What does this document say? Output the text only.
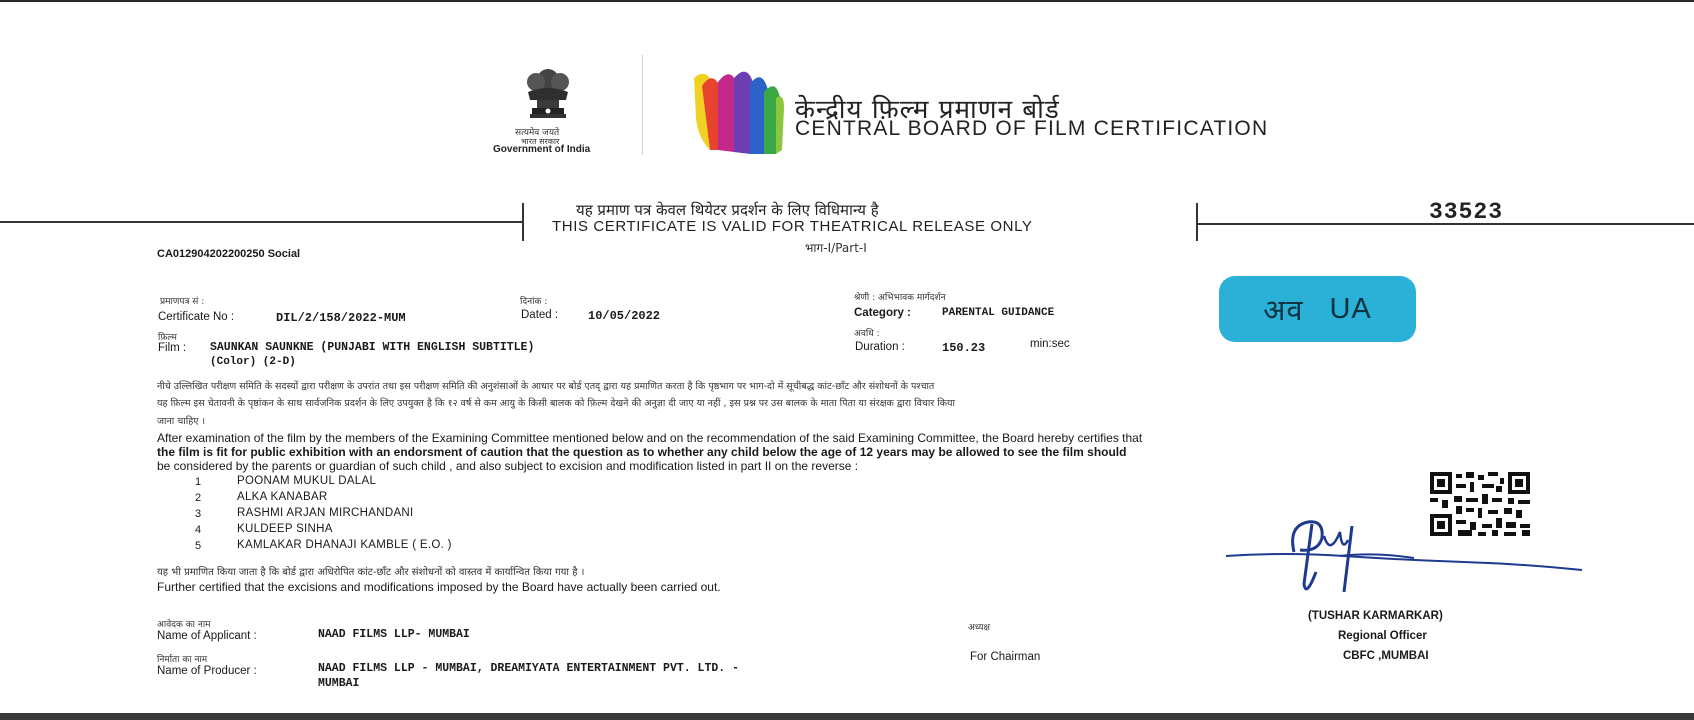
सत्यमेव जयते
भारत सरकार
Government of India
केन्द्रीय फ़िल्म प्रमाणन बोर्ड
CENTRAL BOARD OF FILM CERTIFICATION
यह प्रमाण पत्र केवल थियेटर प्रदर्शन के लिए विधिमान्य है
THIS CERTIFICATE IS VALID FOR THEATRICAL RELEASE ONLY
भाग-I/Part-I
33523
CA012904202200250 Social
प्रमाणपत्र सं :
Certificate No :	DIL/2/158/2022-MUM
दिनांक :
Dated : 10/05/2022
श्रेणी : अभिभावक मार्गदर्शन
Category :	PARENTAL GUIDANCE
फ़िल्म
Film : SAUNKAN SAUNKNE (PUNJABI WITH ENGLISH SUBTITLE)
(Color) (2-D)
अवधि :
Duration :	150.23	min:sec
अव UA
नीचे उल्लिखित परीक्षण समिति के सदस्यों द्वारा परीक्षण के उपरांत तथा इस परीक्षण समिति की अनुशंसाओं के आधार पर बोर्ड एतद् द्वारा यह प्रमाणित करता है कि पृष्ठभाग पर भाग-दो में सूचीबद्ध कांट-छाँट और संशोधनों के पश्चात
यह फ़िल्म इस चेतावनी के पृष्ठांकन के साथ सार्वजनिक प्रदर्शन के लिए उपयुक्त है कि १२ वर्ष से कम आयु के किसी बालक को फ़िल्म देखने की अनुज्ञा दी जाए या नहीं , इस प्रश्न पर उस बालक के माता पिता या संरक्षक द्वारा विचार किया
जाना चाहिए ।
After examination of the film by the members of the Examining Committee mentioned below and on the recommendation of the said Examining Committee, the Board hereby certifies that
the film is fit for public exhibition with an endorsment of caution that the question as to whether any child below the age of 12 years may be allowed to see the film should
be considered by the parents or guardian of such child , and also subject to excision and modification listed in part II on the reverse :
1	POONAM MUKUL DALAL
2	ALKA KANABAR
3	RASHMI ARJAN MIRCHANDANI
4	KULDEEP SINHA
5	KAMLAKAR DHANAJI KAMBLE ( E.O. )
यह भी प्रमाणित किया जाता है कि बोर्ड द्वारा अधिरोपित कांट-छाँट और संशोधनों को वास्तव में कार्यान्वित किया गया है ।
Further certified that the excisions and modifications imposed by the Board have actually been carried out.
आवेदक का नाम
Name of Applicant :	NAAD FILMS LLP- MUMBAI
निर्माता का नाम
Name of Producer :	NAAD FILMS LLP - MUMBAI, DREAMIYATA ENTERTAINMENT PVT. LTD. -
MUMBAI
अध्यक्ष
For Chairman
(TUSHAR KARMARKAR)
Regional Officer
CBFC ,MUMBAI
